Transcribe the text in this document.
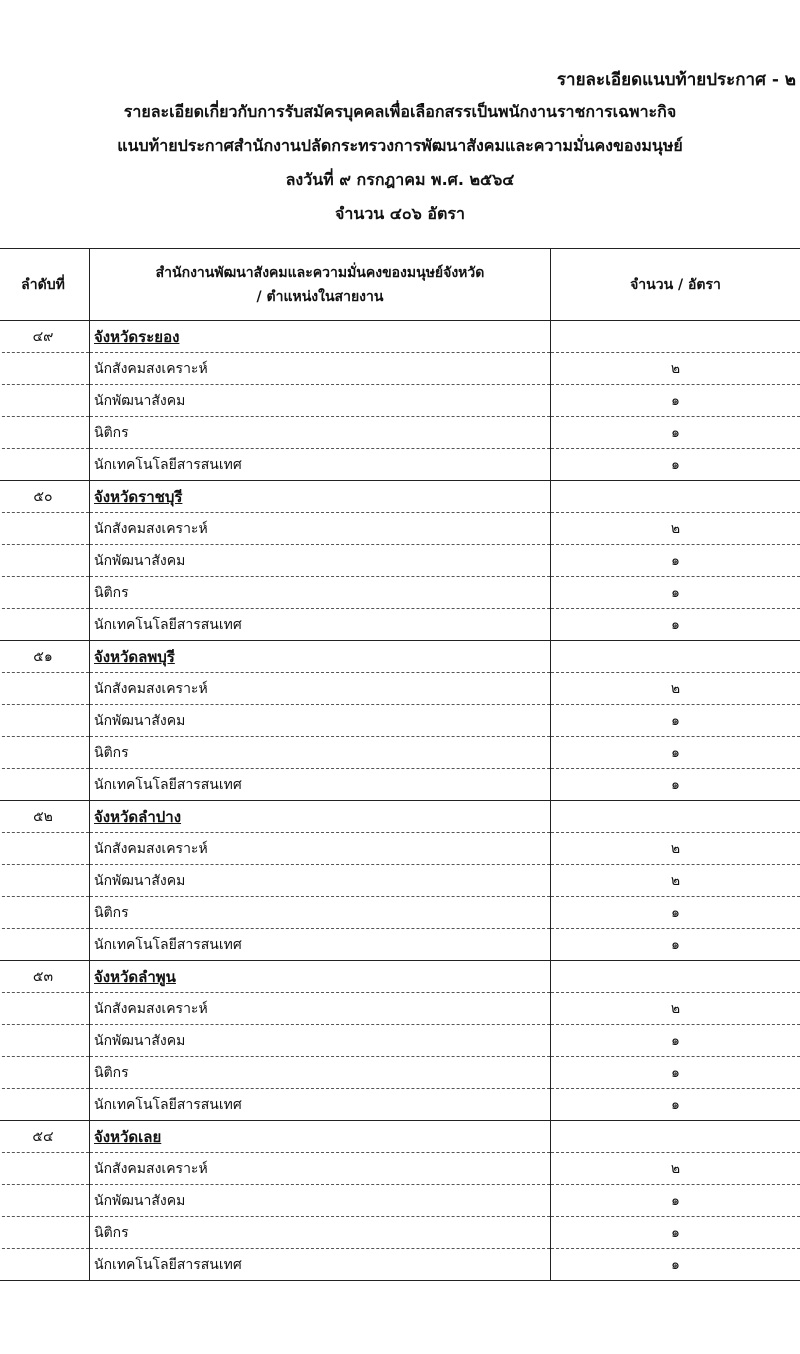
รายละเอียดแนบท้ายประกาศ - ๒
รายละเอียดเกี่ยวกับการรับสมัครบุคคลเพื่อเลือกสรรเป็นพนักงานราชการเฉพาะกิจ
แนบท้ายประกาศสำนักงานปลัดกระทรวงการพัฒนาสังคมและความมั่นคงของมนุษย์
ลงวันที่ ๙ กรกฎาคม พ.ศ. ๒๕๖๔
จำนวน ๔๐๖ อัตรา
ลำดับที่	สำนักงานพัฒนาสังคมและความมั่นคงของมนุษย์จังหวัด
/ ตำแหน่งในสายงาน	จำนวน / อัตรา
๔๙	จังหวัดระยอง	
	นักสังคมสงเคราะห์	๒
	นักพัฒนาสังคม	๑
	นิติกร	๑
	นักเทคโนโลยีสารสนเทศ	๑
๕๐	จังหวัดราชบุรี	
	นักสังคมสงเคราะห์	๒
	นักพัฒนาสังคม	๑
	นิติกร	๑
	นักเทคโนโลยีสารสนเทศ	๑
๕๑	จังหวัดลพบุรี	
	นักสังคมสงเคราะห์	๒
	นักพัฒนาสังคม	๑
	นิติกร	๑
	นักเทคโนโลยีสารสนเทศ	๑
๕๒	จังหวัดลำปาง	
	นักสังคมสงเคราะห์	๒
	นักพัฒนาสังคม	๒
	นิติกร	๑
	นักเทคโนโลยีสารสนเทศ	๑
๕๓	จังหวัดลำพูน	
	นักสังคมสงเคราะห์	๒
	นักพัฒนาสังคม	๑
	นิติกร	๑
	นักเทคโนโลยีสารสนเทศ	๑
๕๔	จังหวัดเลย	
	นักสังคมสงเคราะห์	๒
	นักพัฒนาสังคม	๑
	นิติกร	๑
	นักเทคโนโลยีสารสนเทศ	๑
